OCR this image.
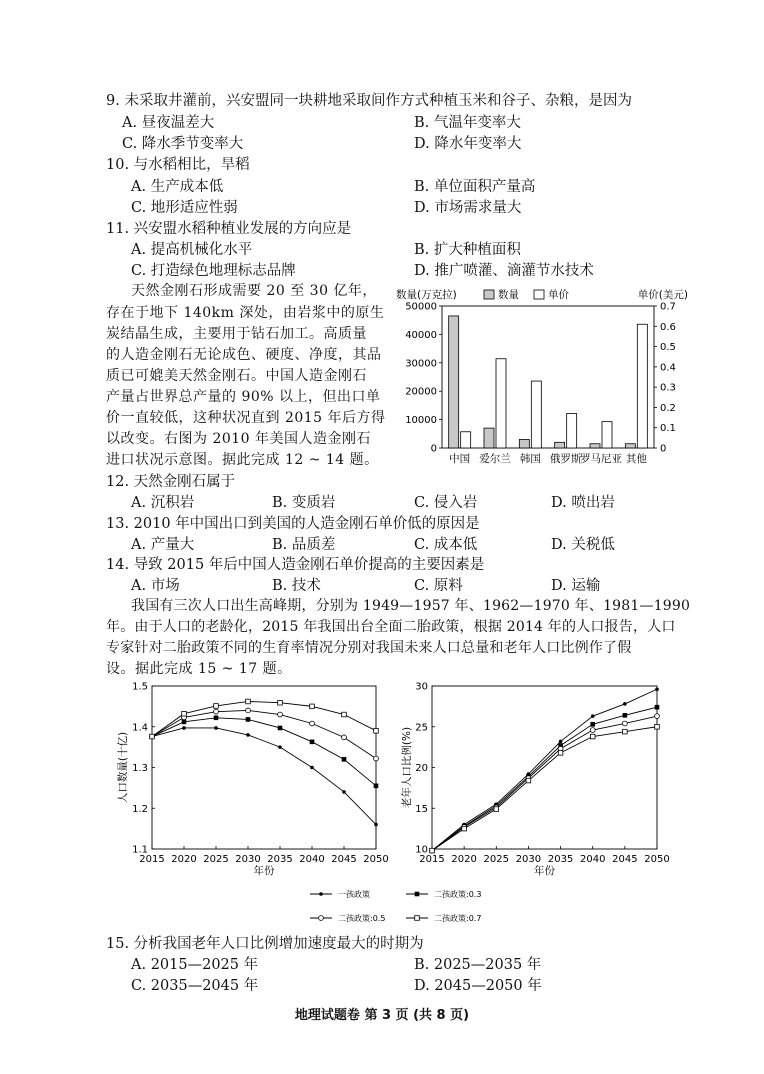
9. 未采取井灌前，兴安盟同一块耕地采取间作方式种植玉米和谷子、杂粮，是因为
A. 昼夜温差大	B. 气温年变率大
C. 降水季节变率大	D. 降水年变率大
10. 与水稻相比，旱稻
A. 生产成本低	B. 单位面积产量高
C. 地形适应性弱	D. 市场需求量大
11. 兴安盟水稻种植业发展的方向应是
A. 提高机械化水平	B. 扩大种植面积
C. 打造绿色地理标志品牌	D. 推广喷灌、滴灌节水技术
天然金刚石形成需要 20 至 30 亿年，
存在于地下 140km 深处，由岩浆中的原生
炭结晶生成，主要用于钻石加工。高质量
的人造金刚石无论成色、硬度、净度，其品
质已可媲美天然金刚石。中国人造金刚石
产量占世界总产量的 90% 以上，但出口单
价一直较低，这种状况直到 2015 年后方得
以改变。右图为 2010 年美国人造金刚石
进口状况示意图。据此完成 12 ~ 14 题。
数量(万克拉)	数量	单价	单价(美元)
0
10000
20000
30000
40000
50000
0
0.1
0.2
0.3
0.4
0.5
0.6
0.7
中国 爱尔兰 韩国 俄罗斯
罗马尼亚 其他
12. 天然金刚石属于
A. 沉积岩	B. 变质岩	C. 侵入岩	D. 喷出岩
13. 2010 年中国出口到美国的人造金刚石单价低的原因是
A. 产量大	B. 品质差	C. 成本低	D. 关税低
14. 导致 2015 年后中国人造金刚石单价提高的主要因素是
A. 市场	B. 技术	C. 原料	D. 运输
我国有三次人口出生高峰期，分别为 1949—1957 年、1962—1970 年、1981—1990
年。由于人口的老龄化，2015 年我国出台全面二胎政策，根据 2014 年的人口报告，人口
专家针对二胎政策不同的生育率情况分别对我国未来人口总量和老年人口比例作了假
设。据此完成 15 ~ 17 题。
1.1
1.2
1.3
1.4
1.5
2015 2020 2025 2030 2035 2040 2045 2050
年份
人口数量(十亿)
10
15
20
25
30
2015 2020 2025 2030 2035 2040 2045 2050
年份
老年人口比例(%)
一孩政策	二孩政策:0.3
二孩政策:0.5	二孩政策:0.7
15. 分析我国老年人口比例增加速度最大的时期为
A. 2015—2025 年	B. 2025—2035 年
C. 2035—2045 年	D. 2045—2050 年
地理试题卷 第 3 页 (共 8 页)
